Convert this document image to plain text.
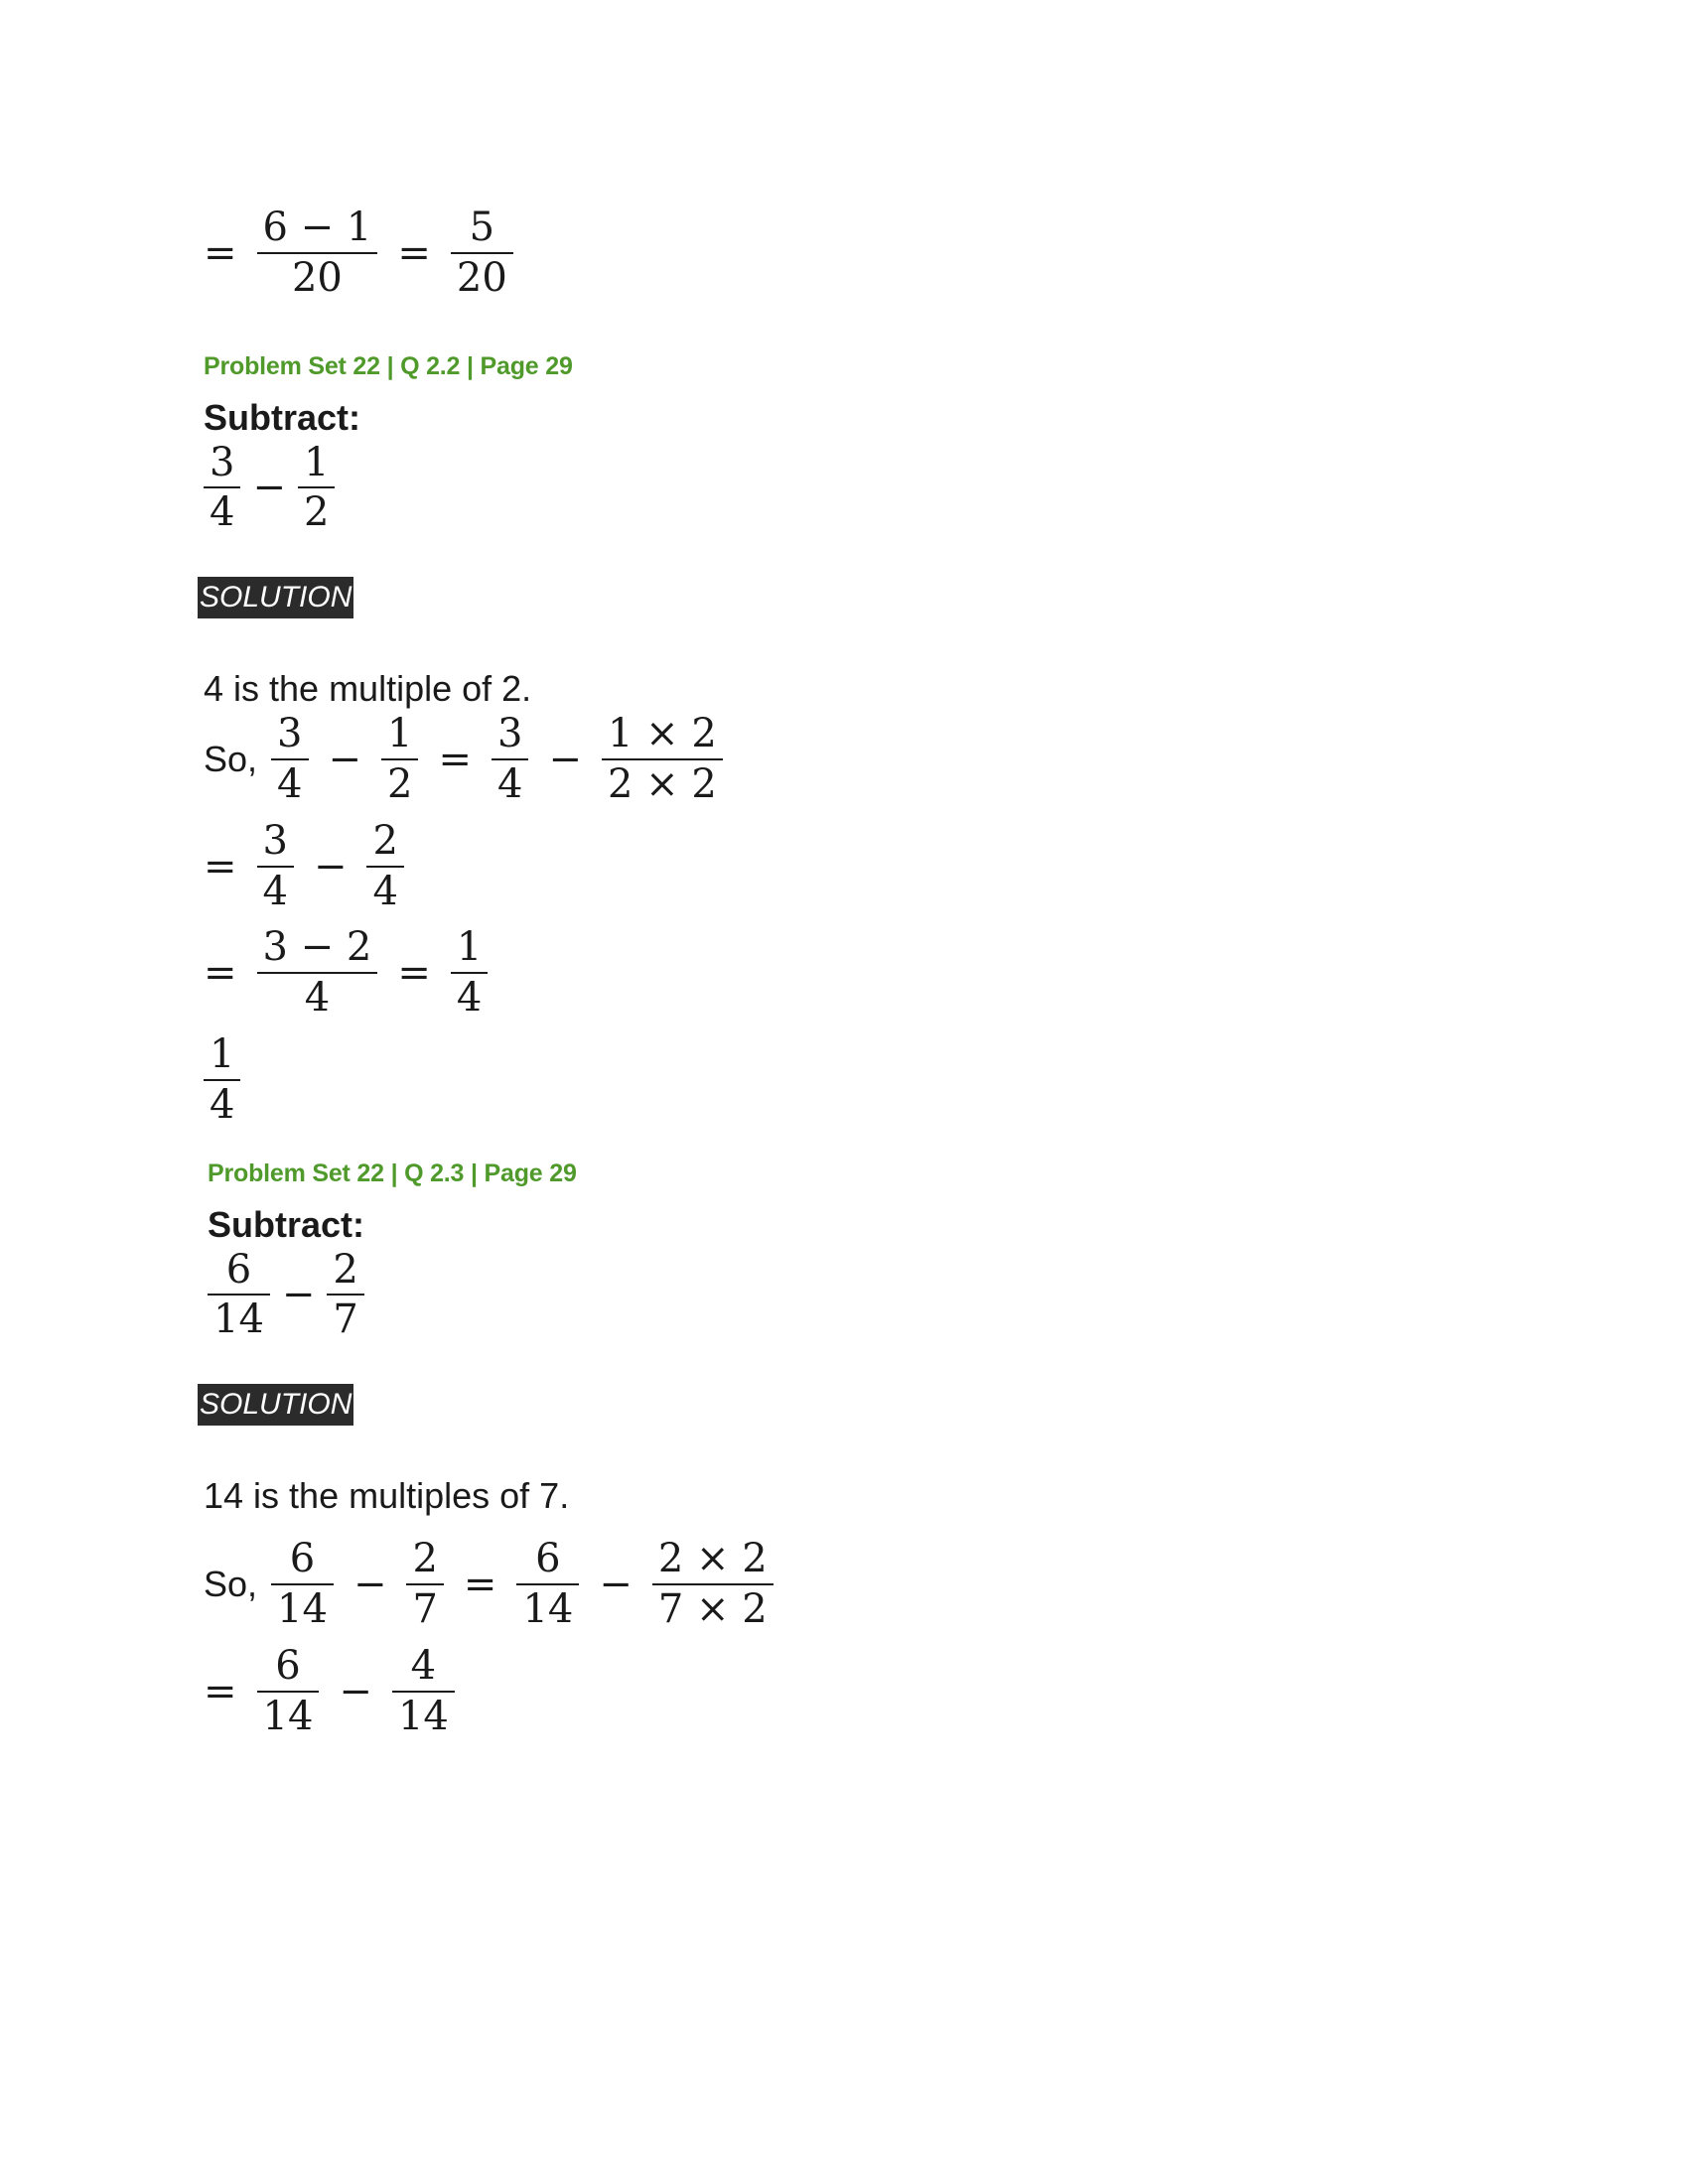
= $\frac{6 - 1}{20} = \frac{5}{20}$

Problem Set 22 | Q 2.2 | Page 29

Subtract:

$\frac{3}{4} - \frac{1}{2}$
SOLUTION

4 is the multiple of 2.

So, $\frac{3}{4} - \frac{1}{2} = \frac{3}{4} - \frac{1 \times 2}{2 \times 2}$
= $\frac{3}{4} - \frac{2}{4}$
= $\frac{3 - 2}{4} = \frac{1}{4}$
$\frac{1}{4}$

Problem Set 22 | Q 2.3 | Page 29

Subtract:

$\frac{6}{14} - \frac{2}{7}$
SOLUTION

14 is the multiples of 7.

So, $\frac{6}{14} - \frac{2}{7} = \frac{6}{14} - \frac{2 \times 2}{7 \times 2}$
= $\frac{6}{14} - \frac{4}{14}$
